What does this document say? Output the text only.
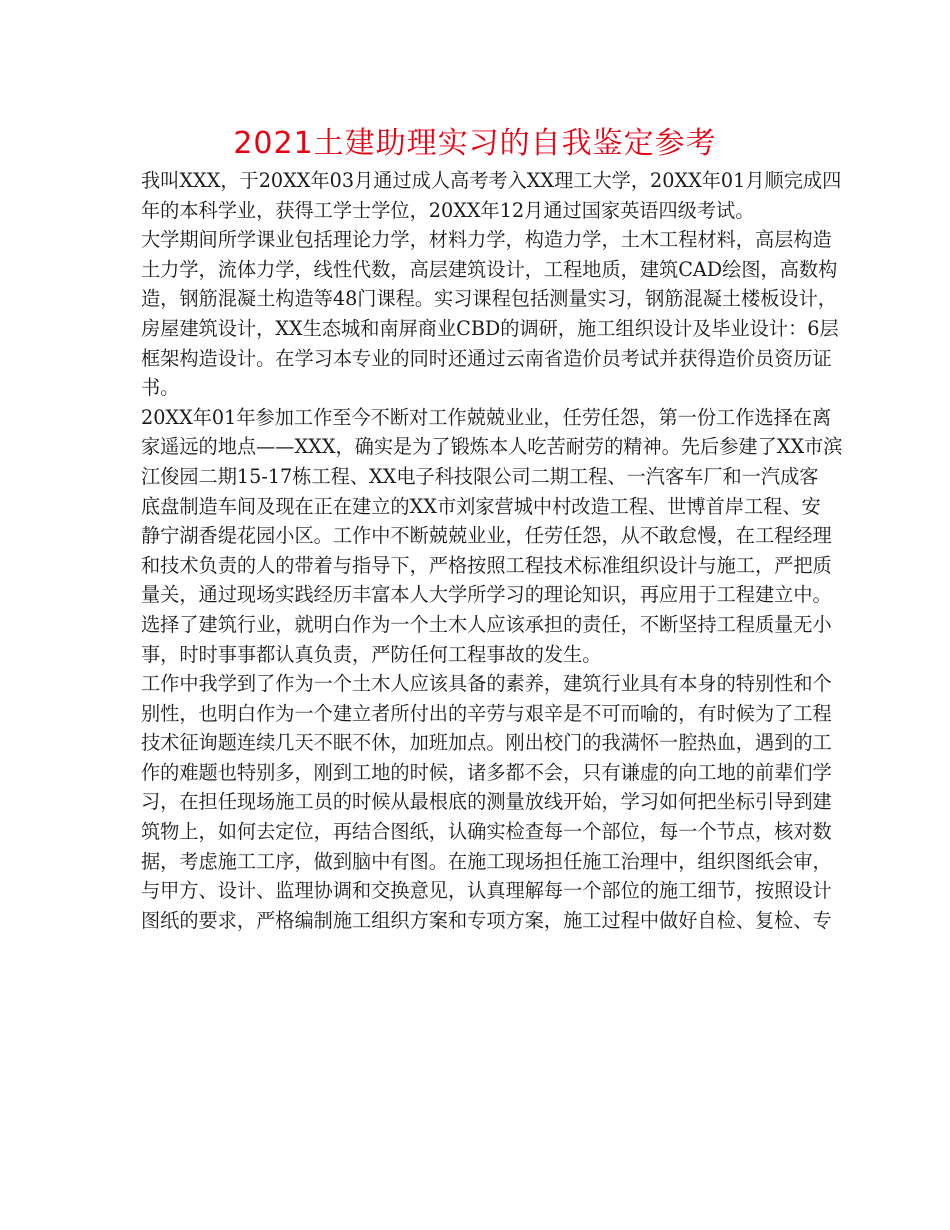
2021土建助理实习的自我鉴定参考
我叫XXX，于20XX年03月通过成人高考考入XX理工大学，20XX年01月顺完成四
年的本科学业，获得工学士学位，20XX年12月通过国家英语四级考试。
大学期间所学课业包括理论力学，材料力学，构造力学，土木工程材料，高层构造
土力学，流体力学，线性代数，高层建筑设计，工程地质，建筑CAD绘图，高数构
造，钢筋混凝土构造等48门课程。实习课程包括测量实习，钢筋混凝土楼板设计，
房屋建筑设计，XX生态城和南屏商业CBD的调研，施工组织设计及毕业设计：6层
框架构造设计。在学习本专业的同时还通过云南省造价员考试并获得造价员资历证
书。
20XX年01年参加工作至今不断对工作兢兢业业，任劳任怨，第一份工作选择在离
家遥远的地点——XXX，确实是为了锻炼本人吃苦耐劳的精神。先后参建了XX市滨
江俊园二期15-17栋工程、XX电子科技限公司二期工程、一汽客车厂和一汽成客
底盘制造车间及现在正在建立的XX市刘家营城中村改造工程、世博首岸工程、安
静宁湖香缇花园小区。工作中不断兢兢业业，任劳任怨，从不敢怠慢，在工程经理
和技术负责的人的带着与指导下，严格按照工程技术标准组织设计与施工，严把质
量关，通过现场实践经历丰富本人大学所学习的理论知识，再应用于工程建立中。
选择了建筑行业，就明白作为一个土木人应该承担的责任，不断坚持工程质量无小
事，时时事事都认真负责，严防任何工程事故的发生。
工作中我学到了作为一个土木人应该具备的素养，建筑行业具有本身的特别性和个
别性，也明白作为一个建立者所付出的辛劳与艰辛是不可而喻的，有时候为了工程
技术征询题连续几天不眠不休，加班加点。刚出校门的我满怀一腔热血，遇到的工
作的难题也特别多，刚到工地的时候，诸多都不会，只有谦虚的向工地的前辈们学
习，在担任现场施工员的时候从最根底的测量放线开始，学习如何把坐标引导到建
筑物上，如何去定位，再结合图纸，认确实检查每一个部位，每一个节点，核对数
据，考虑施工工序，做到脑中有图。在施工现场担任施工治理中，组织图纸会审，
与甲方、设计、监理协调和交换意见，认真理解每一个部位的施工细节，按照设计
图纸的要求，严格编制施工组织方案和专项方案，施工过程中做好自检、复检、专
